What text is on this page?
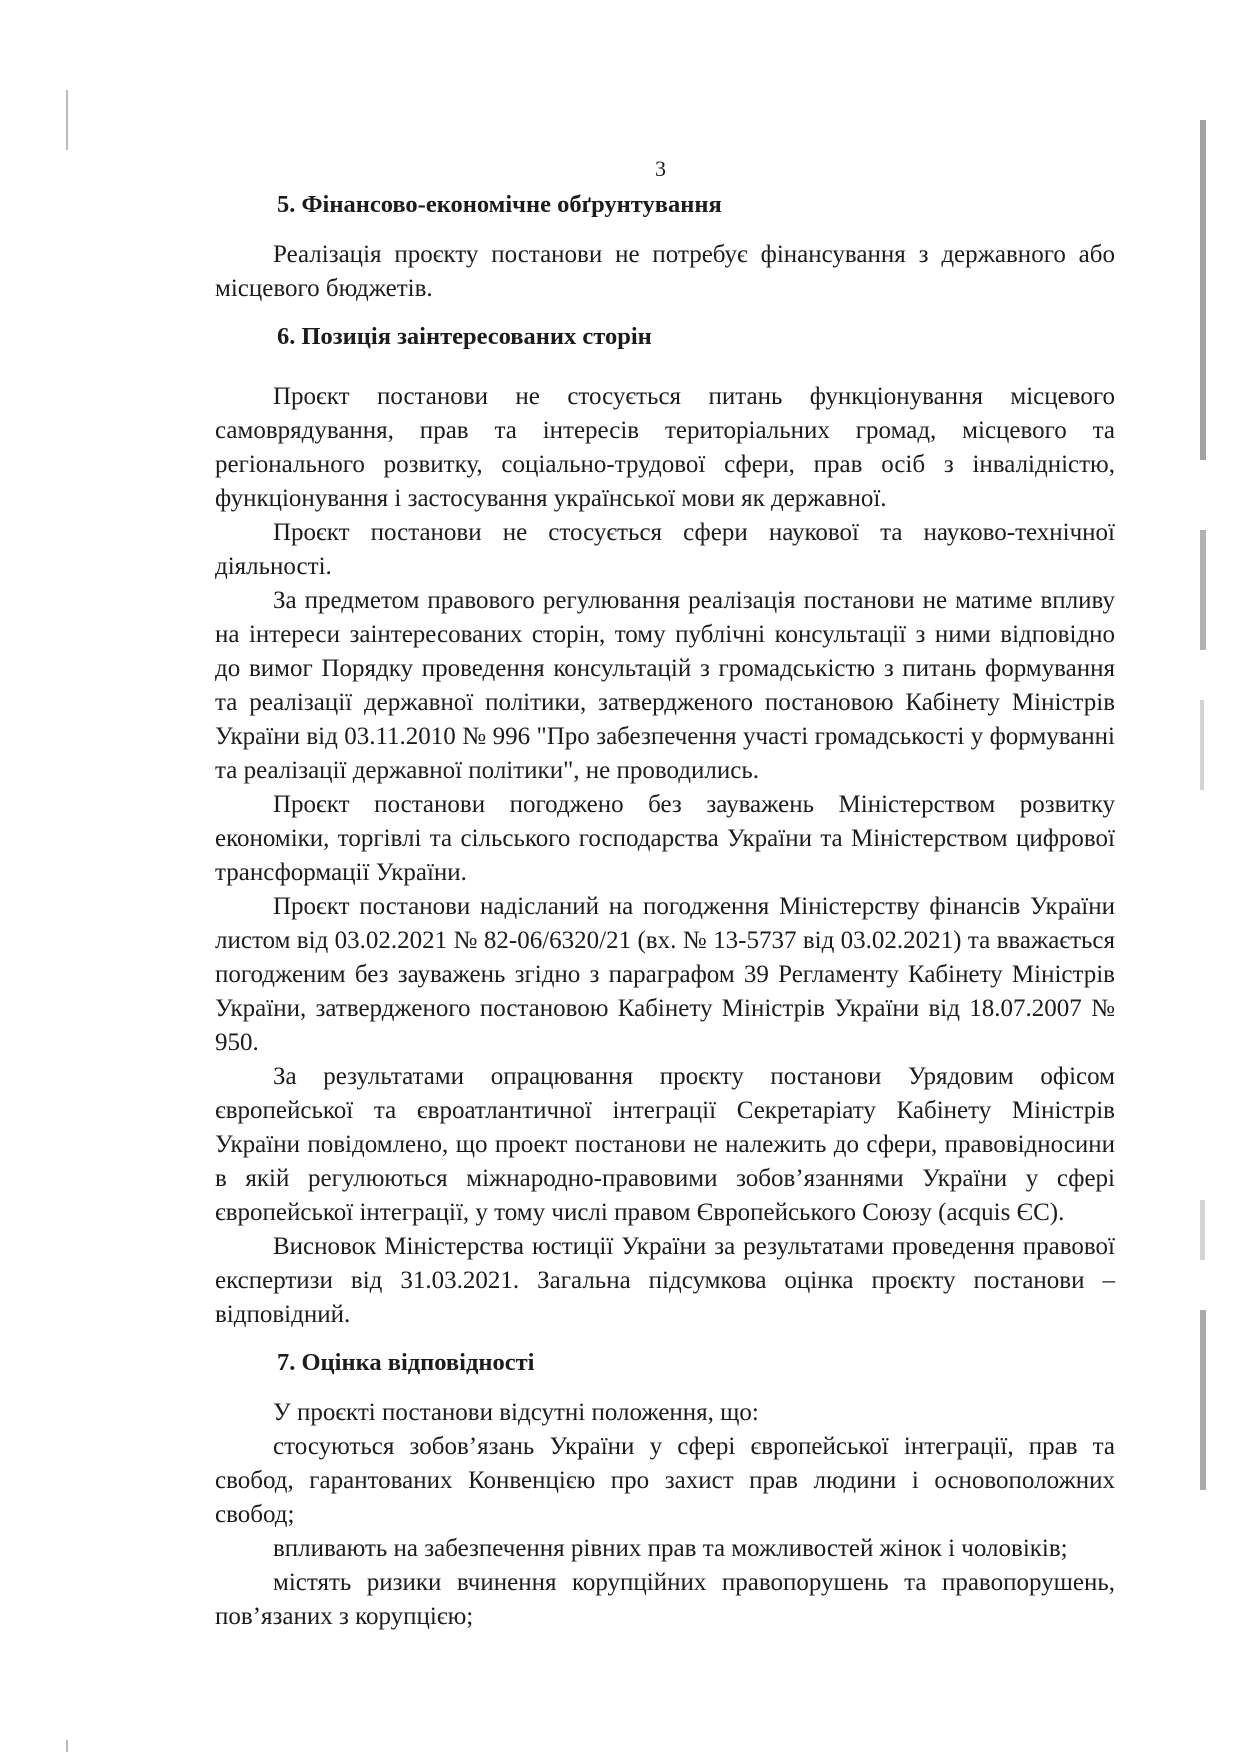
3
5. Фінансово-економічне обґрунтування

Реалізація проєкту постанови не потребує фінансування з державного або місцевого бюджетів.

6. Позиція заінтересованих сторін

Проєкт постанови не стосується питань функціонування місцевого самоврядування, прав та інтересів територіальних громад, місцевого та регіонального розвитку, соціально-трудової сфери, прав осіб з інвалідністю, функціонування і застосування української мови як державної.

Проєкт постанови не стосується сфери наукової та науково-технічної діяльності.

За предметом правового регулювання реалізація постанови не матиме впливу на інтереси заінтересованих сторін, тому публічні консультації з ними відповідно до вимог Порядку проведення консультацій з громадськістю з питань формування та реалізації державної політики, затвердженого постановою Кабінету Міністрів України від 03.11.2010 № 996 "Про забезпечення участі громадськості у формуванні та реалізації державної політики", не проводились.

Проєкт постанови погоджено без зауважень Міністерством розвитку економіки, торгівлі та сільського господарства України та Міністерством цифрової трансформації України.

Проєкт постанови надісланий на погодження Міністерству фінансів України листом від 03.02.2021 № 82-06/6320/21 (вх. № 13-5737 від 03.02.2021) та вважається погодженим без зауважень згідно з параграфом 39 Регламенту Кабінету Міністрів України, затвердженого постановою Кабінету Міністрів України від 18.07.2007 № 950.

За результатами опрацювання проєкту постанови Урядовим офісом європейської та євроатлантичної інтеграції Секретаріату Кабінету Міністрів України повідомлено, що проект постанови не належить до сфери, правовідносини в якій регулюються міжнародно-правовими зобов’язаннями України у сфері європейської інтеграції, у тому числі правом Європейського Союзу (acquis ЄС).

Висновок Міністерства юстиції України за результатами проведення правової експертизи від 31.03.2021. Загальна підсумкова оцінка проєкту постанови – відповідний.

7. Оцінка відповідності

У проєкті постанови відсутні положення, що:

стосуються зобов’язань України у сфері європейської інтеграції, прав та свобод, гарантованих Конвенцією про захист прав людини і основоположних свобод;

впливають на забезпечення рівних прав та можливостей жінок і чоловіків;

містять ризики вчинення корупційних правопорушень та правопорушень, пов’язаних з корупцією;
